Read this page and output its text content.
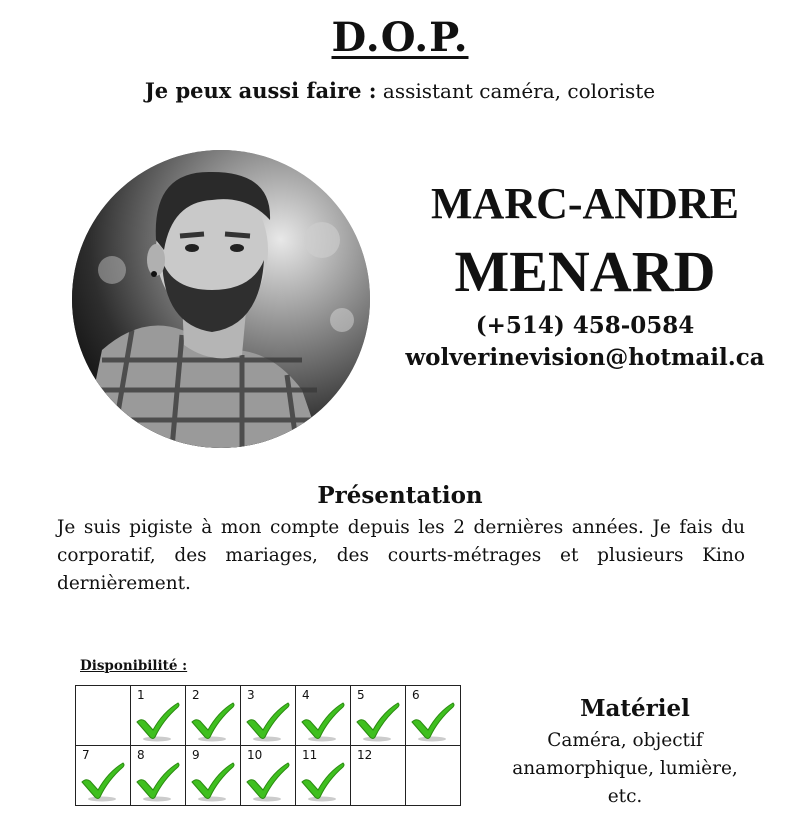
D.O.P.
Je peux aussi faire : assistant caméra, coloriste
MARC-ANDRE
MENARD
(+514) 458-0584
wolverinevision@hotmail.ca
Présentation
Je suis pigiste à mon compte depuis les 2 dernières années. Je fais du corporatif, des mariages, des courts-métrages et plusieurs Kino dernièrement.
Disponibilité :

	1	2	3	4	5	6

7	8	9	10	11	12	

Matériel
Caméra, objectif anamorphique, lumière, etc.
